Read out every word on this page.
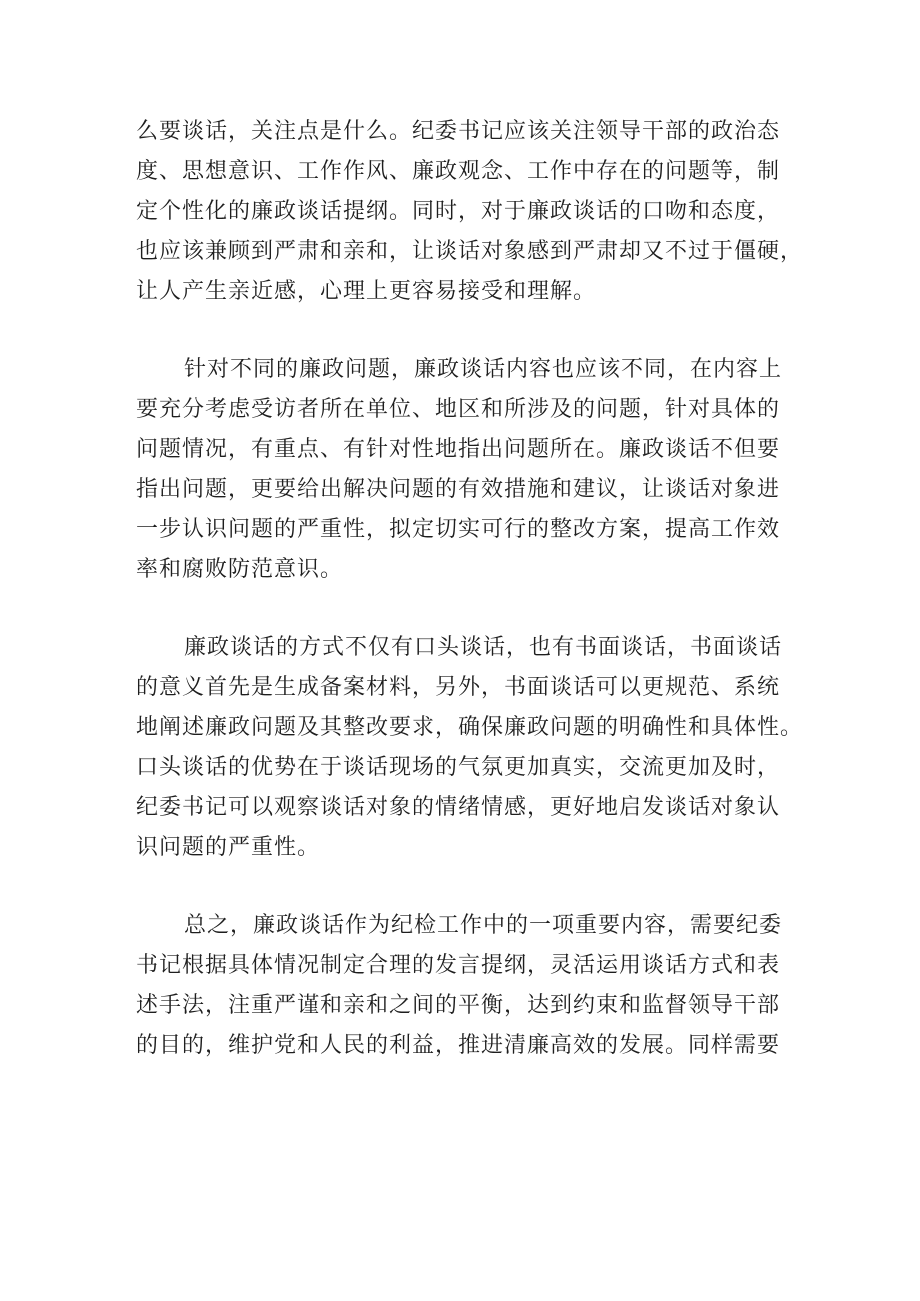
么要谈话，关注点是什么。纪委书记应该关注领导干部的政治态
度、思想意识、工作作风、廉政观念、工作中存在的问题等，制
定个性化的廉政谈话提纲。同时，对于廉政谈话的口吻和态度，
也应该兼顾到严肃和亲和，让谈话对象感到严肃却又不过于僵硬，
让人产生亲近感，心理上更容易接受和理解。
针对不同的廉政问题，廉政谈话内容也应该不同，在内容上
要充分考虑受访者所在单位、地区和所涉及的问题，针对具体的
问题情况，有重点、有针对性地指出问题所在。廉政谈话不但要
指出问题，更要给出解决问题的有效措施和建议，让谈话对象进
一步认识问题的严重性，拟定切实可行的整改方案，提高工作效
率和腐败防范意识。
廉政谈话的方式不仅有口头谈话，也有书面谈话，书面谈话
的意义首先是生成备案材料，另外，书面谈话可以更规范、系统
地阐述廉政问题及其整改要求，确保廉政问题的明确性和具体性。
口头谈话的优势在于谈话现场的气氛更加真实，交流更加及时，
纪委书记可以观察谈话对象的情绪情感，更好地启发谈话对象认
识问题的严重性。
总之，廉政谈话作为纪检工作中的一项重要内容，需要纪委
书记根据具体情况制定合理的发言提纲，灵活运用谈话方式和表
述手法，注重严谨和亲和之间的平衡，达到约束和监督领导干部
的目的，维护党和人民的利益，推进清廉高效的发展。同样需要
